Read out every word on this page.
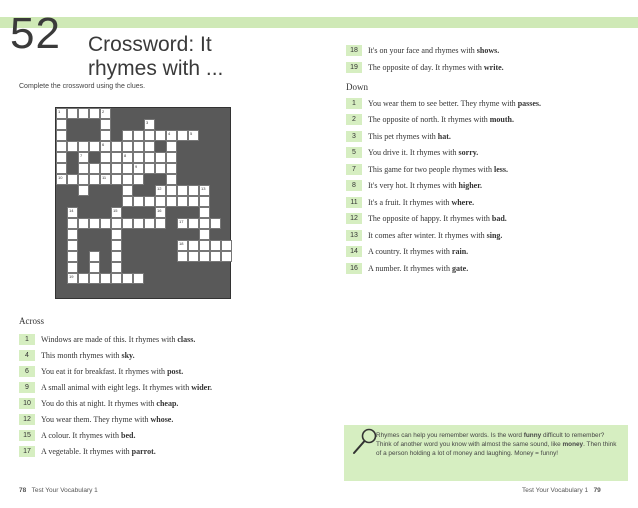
52 Crossword: It
rhymes with ...
Complete the crossword using the clues.
1	2
10
6
4	5
3
8
9
7
11
12
16
17
14
18
19
13
15
Across
Down
1	Windows are made of this. It rhymes with class.
4	This month rhymes with sky.
6	You eat it for breakfast. It rhymes with post.
9	A small animal with eight legs. It rhymes with wider.
10	You do this at night. It rhymes with cheap.
12	You wear them. They rhyme with whose.
15	A colour. It rhymes with bed.
17	A vegetable. It rhymes with parrot.
18	It's on your face and rhymes with shows.
19	The opposite of day. It rhymes with write.
1	You wear them to see better. They rhyme with passes.
2	The opposite of north. It rhymes with mouth.
3	This pet rhymes with hat.
5	You drive it. It rhymes with sorry.
7	This game for two people rhymes with less.
8	It's very hot. It rhymes with higher.
11	It's a fruit. It rhymes with where.
12	The opposite of happy. It rhymes with bad.
13	It comes after winter. It rhymes with sing.
14	A country. It rhymes with rain.
16	A number. It rhymes with gate.
Rhymes can help you remember words. Is the word funny difficult to remember? Think of another word you know with almost the same sound, like money. Then think of a person holding a lot of money and laughing. Money = funny!
78 Test Your Vocabulary 1	Test Your Vocabulary 1 79
